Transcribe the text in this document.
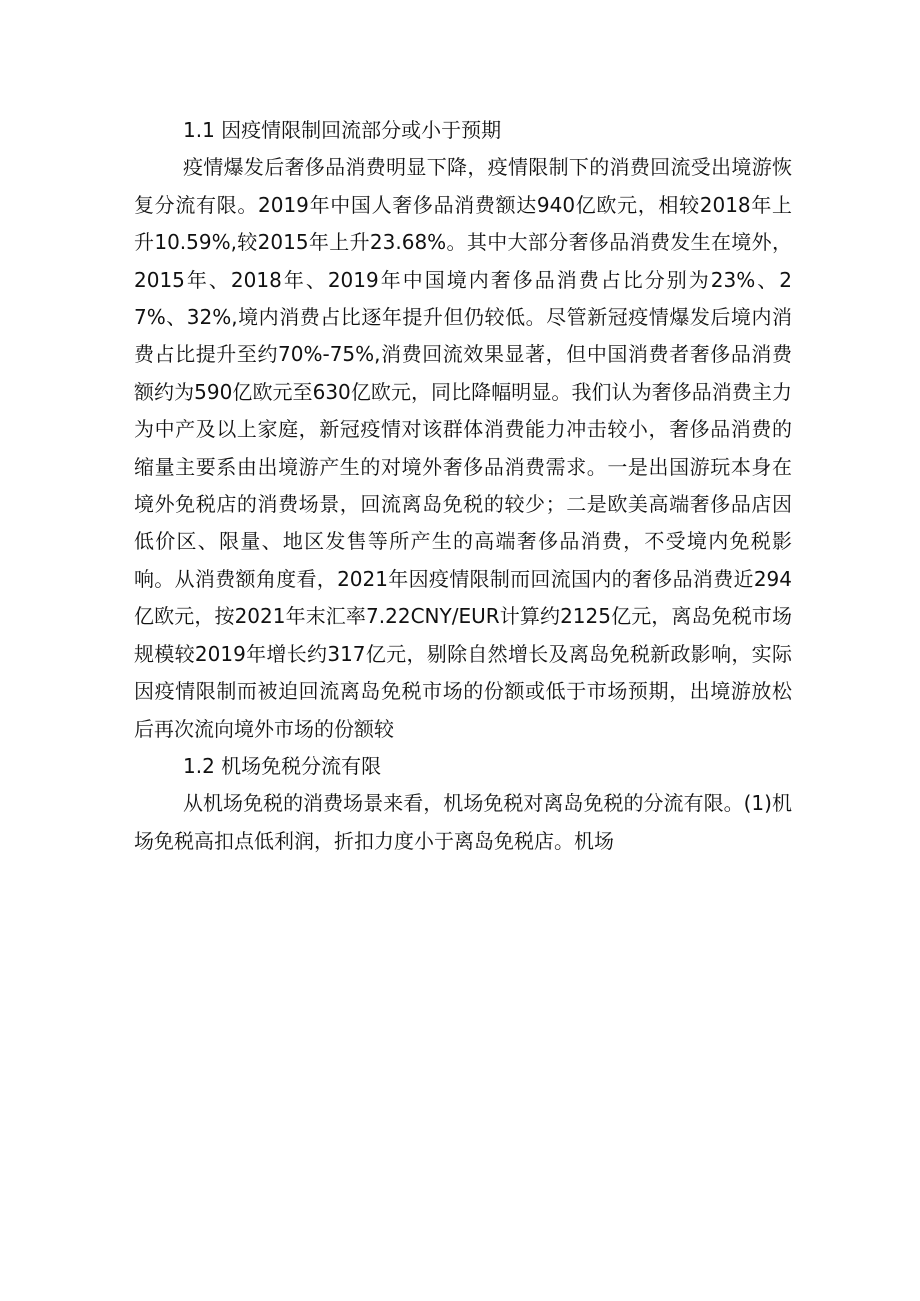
1.1 因疫情限制回流部分或小于预期

疫情爆发后奢侈品消费明显下降，疫情限制下的消费回流受出境游恢复分流有限。2019年中国人奢侈品消费额达940亿欧元，相较2018年上升10.59%,较2015年上升23.68%。其中大部分奢侈品消费发生在境外，2015年、2018年、2019年中国境内奢侈品消费占比分别为23%、27%、32%,境内消费占比逐年提升但仍较低。尽管新冠疫情爆发后境内消费占比提升至约70%-75%,消费回流效果显著，但中国消费者奢侈品消费额约为590亿欧元至630亿欧元，同比降幅明显。我们认为奢侈品消费主力为中产及以上家庭，新冠疫情对该群体消费能力冲击较小，奢侈品消费的缩量主要系由出境游产生的对境外奢侈品消费需求。一是出国游玩本身在境外免税店的消费场景，回流离岛免税的较少；二是欧美高端奢侈品店因低价区、限量、地区发售等所产生的高端奢侈品消费，不受境内免税影响。从消费额角度看，2021年因疫情限制而回流国内的奢侈品消费近294亿欧元，按2021年末汇率7.22CNY/EUR计算约2125亿元，离岛免税市场规模较2019年增长约317亿元，剔除自然增长及离岛免税新政影响，实际因疫情限制而被迫回流离岛免税市场的份额或低于市场预期，出境游放松后再次流向境外市场的份额较

1.2 机场免税分流有限

从机场免税的消费场景来看，机场免税对离岛免税的分流有限。(1)机场免税高扣点低利润，折扣力度小于离岛免税店。机场
